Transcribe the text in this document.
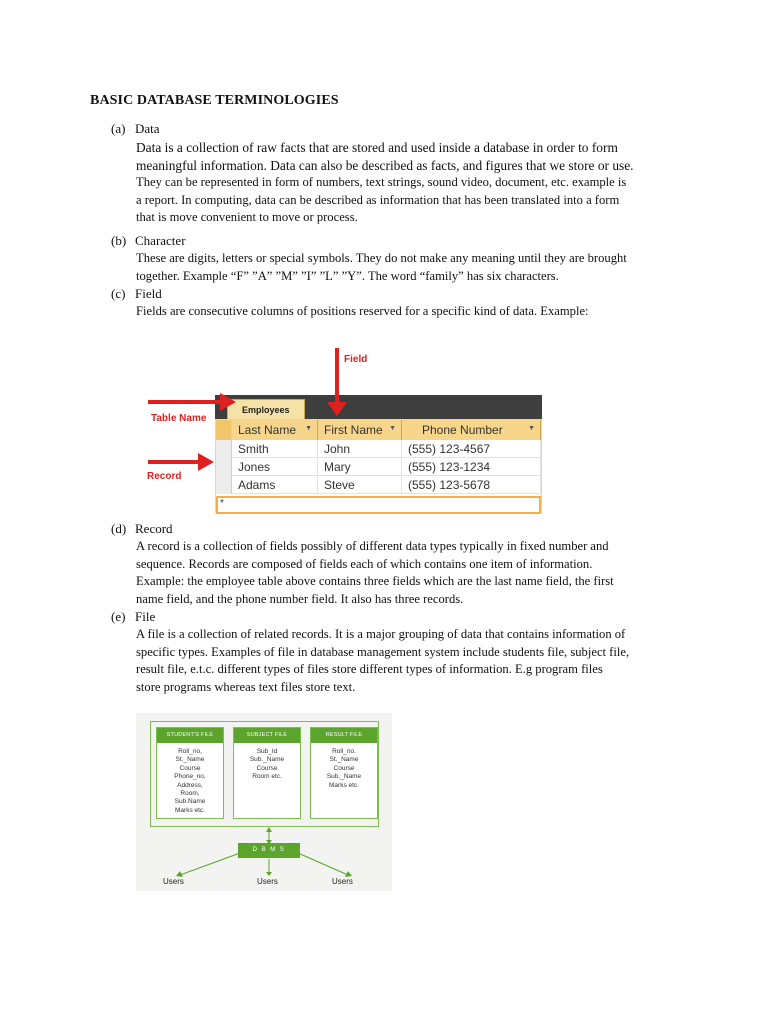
BASIC DATABASE TERMINOLOGIES
(a) Data
Data is a collection of raw facts that are stored and used inside a database in order to form
meaningful information. Data can also be described as facts, and figures that we store or use.
They can be represented in form of numbers, text strings, sound video, document, etc. example is
a report. In computing, data can be described as information that has been translated into a form
that is move convenient to move or process.
(b) Character
These are digits, letters or special symbols. They do not make any meaning until they are brought
together. Example “F” ”A” ”M” ”I” ”L” ”Y”. The word “family” has six characters.
(c) Field
Fields are consecutive columns of positions reserved for a specific kind of data. Example:
Field
Table Name
Record
Employees
Last Name ▼ First Name ▼ Phone Number	▼
Smith	John	(555) 123-4567
Jones	Mary	(555) 123-1234
Adams	Steve	(555) 123-5678
*
(d) Record
A record is a collection of fields possibly of different data types typically in fixed number and
sequence. Records are composed of fields each of which contains one item of information.
Example: the employee table above contains three fields which are the last name field, the first
name field, and the phone number field. It also has three records.
(e) File
A file is a collection of related records. It is a major grouping of data that contains information of
specific types. Examples of file in database management system include students file, subject file,
result file, e.t.c. different types of files store different types of information. E.g program files
store programs whereas text files store text.
STUDENT'S FILE
Roll_no,
St._Name
Course
Phone_no,
Address,
Room,
Sub.Name
Marks etc.
SUBJECT FILE
Sub_Id
Sub._Name
Course
Room etc.
RESULT FILE
Roll_no.
St._Name
Course
Sub._Name
Marks etc.
D B M S
Users	Users	Users
